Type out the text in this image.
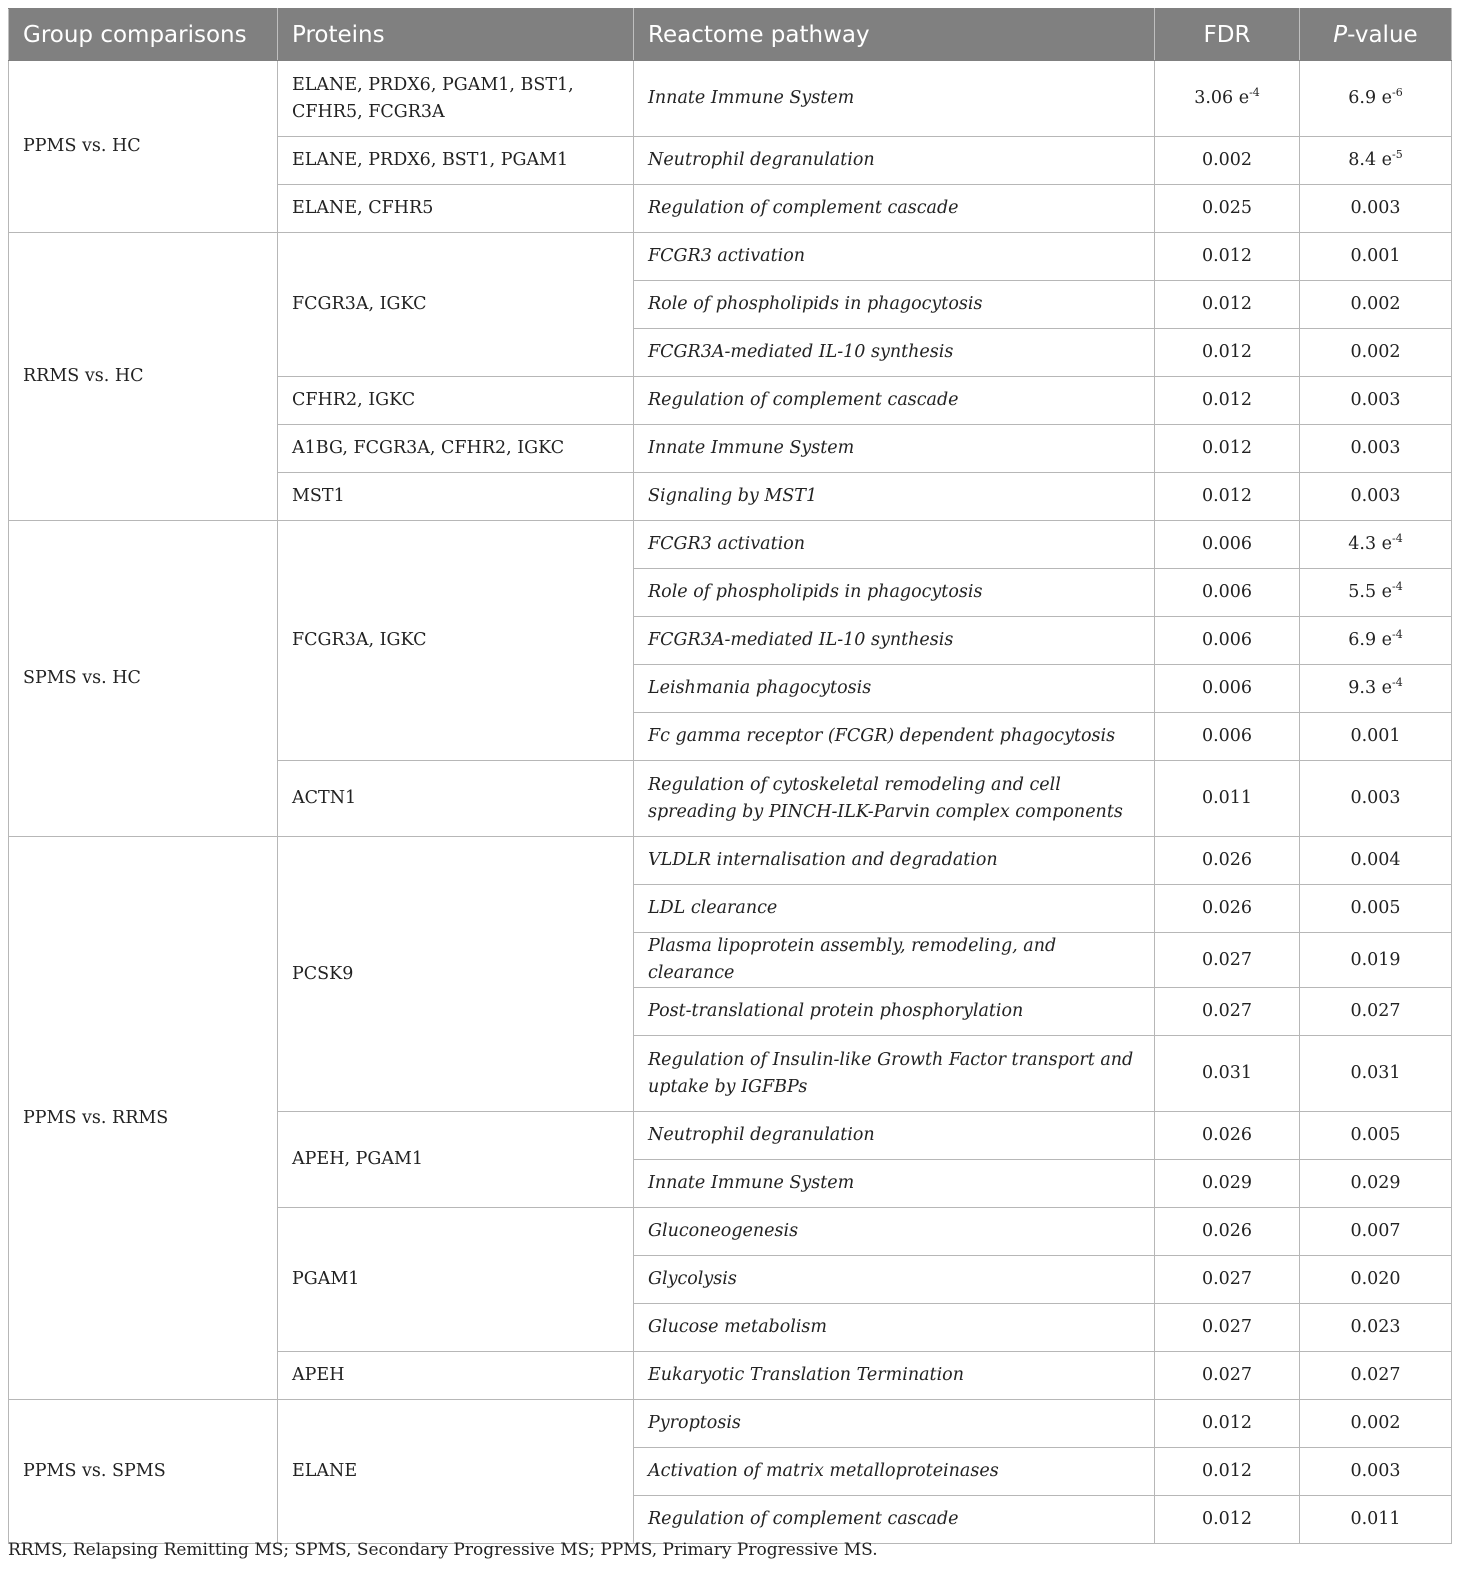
Group comparisons	Proteins	Reactome pathway	FDR	P-value
PPMS vs. HC	ELANE, PRDX6, PGAM1, BST1, CFHR5, FCGR3A	Innate Immune System	3.06 $e^{-4}$	6.9 $e^{-6}$
	ELANE, PRDX6, BST1, PGAM1	Neutrophil degranulation	0.002	8.4 $e^{-5}$
	ELANE, CFHR5	Regulation of complement cascade	0.025	0.003
RRMS vs. HC	FCGR3A, IGKC	FCGR3 activation	0.012	0.001
		Role of phospholipids in phagocytosis	0.012	0.002
		FCGR3A-mediated IL-10 synthesis	0.012	0.002
	CFHR2, IGKC	Regulation of complement cascade	0.012	0.003
	A1BG, FCGR3A, CFHR2, IGKC	Innate Immune System	0.012	0.003
	MST1	Signaling by MST1	0.012	0.003
SPMS vs. HC	FCGR3A, IGKC	FCGR3 activation	0.006	4.3 $e^{-4}$
		Role of phospholipids in phagocytosis	0.006	5.5 $e^{-4}$
		FCGR3A-mediated IL-10 synthesis	0.006	6.9 $e^{-4}$
		Leishmania phagocytosis	0.006	9.3 $e^{-4}$
		Fc gamma receptor (FCGR) dependent phagocytosis	0.006	0.001
	ACTN1	Regulation of cytoskeletal remodeling and cell spreading by PINCH-ILK-Parvin complex components	0.011	0.003
PPMS vs. RRMS	PCSK9	VLDLR internalisation and degradation	0.026	0.004
		LDL clearance	0.026	0.005
		Plasma lipoprotein assembly, remodeling, and clearance	0.027	0.019
		Post-translational protein phosphorylation	0.027	0.027
		Regulation of Insulin-like Growth Factor transport and uptake by IGFBPs	0.031	0.031
	APEH, PGAM1	Neutrophil degranulation	0.026	0.005
		Innate Immune System	0.029	0.029
	PGAM1	Gluconeogenesis	0.026	0.007
		Glycolysis	0.027	0.020
		Glucose metabolism	0.027	0.023
	APEH	Eukaryotic Translation Termination	0.027	0.027
PPMS vs. SPMS	ELANE	Pyroptosis	0.012	0.002
		Activation of matrix metalloproteinases	0.012	0.003
		Regulation of complement cascade	0.012	0.011
RRMS, Relapsing Remitting MS; SPMS, Secondary Progressive MS; PPMS, Primary Progressive MS.
